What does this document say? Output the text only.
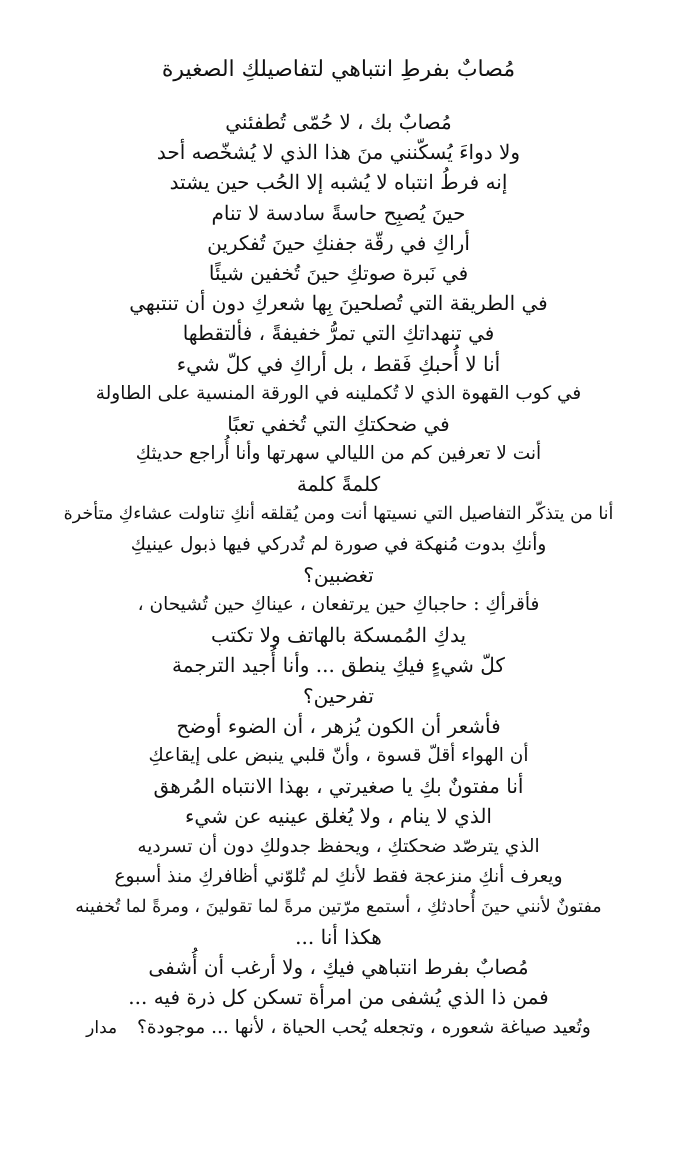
مُصابٌ بفرطِ انتباهي لتفاصيلكِ الصغيرة
مُصابٌ بك ، لا حُمّى تُطفئني
ولا دواءَ يُسكّنني منَ هذا الذي لا يُشخّصه أحد
إنه فرطُ انتباه لا يُشبه إلا الحُب حين يشتد
حينَ يُصبِح حاسةً سادسة لا تنام
أراكِ في رقّة جفنكِ حينَ تُفكرين
في نَبرة صوتكِ حينَ تُخفين شيئًا
في الطريقة التي تُصلحينَ بِها شعركِ دون أن تنتبهي
في تنهداتكِ التي تمرُّ خفيفةً ، فألتقطها
أنا لا أُحبكِ فَقط ، بل أراكِ في كلّ شيء
في كوب القهوة الذي لا تُكملينه في الورقة المنسية على الطاولة
في ضحكتكِ التي تُخفي تعبًا
أنت لا تعرفين كم من الليالي سهرتها وأنا أُراجع حديثكِ
كلمةً كلمة
أنا من يتذكّر التفاصيل التي نسيتها أنت ومن يُقلقه أنكِ تناولت عشاءكِ متأخرة
وأنكِ بدوت مُنهكة في صورة لم تُدركي فيها ذبول عينيكِ
تغضبين؟
فأقرأكِ : حاجباكِ حين يرتفعان ، عيناكِ حين تُشيحان ،
يدكِ المُمسكة بالهاتف ولا تكتب
كلّ شيءٍ فيكِ ينطق ... وأنا أُجيد الترجمة
تفرحين؟
فأشعر أن الكون يُزهر ، أن الضوء أوضح
أن الهواء أقلّ قسوة ، وأنّ قلبي ينبض على إيقاعكِ
أنا مفتونٌ بكِ يا صغيرتي ، بهذا الانتباه المُرهق
الذي لا ينام ، ولا يُغلق عينيه عن شيء
الذي يترصّد ضحكتكِ ، ويحفظ جدولكِ دون أن تسرديه
ويعرف أنكِ منزعجة فقط لأنكِ لم تُلوّني أظافركِ منذ أسبوع
مفتونٌ لأنني حينَ أُحادثكِ ، أستمع مرّتين مرةً لما تقولينَ ، ومرةً لما تُخفينه
هكذا أنا ...
مُصابٌ بفرط انتباهي فيكِ ، ولا أرغب أن أُشفى
فمن ذا الذي يُشفى من امرأة تسكن كل ذرة فيه ...
وتُعيد صياغة شعوره ، وتجعله يُحب الحياة ، لأنها ... موجودة؟ مدار
